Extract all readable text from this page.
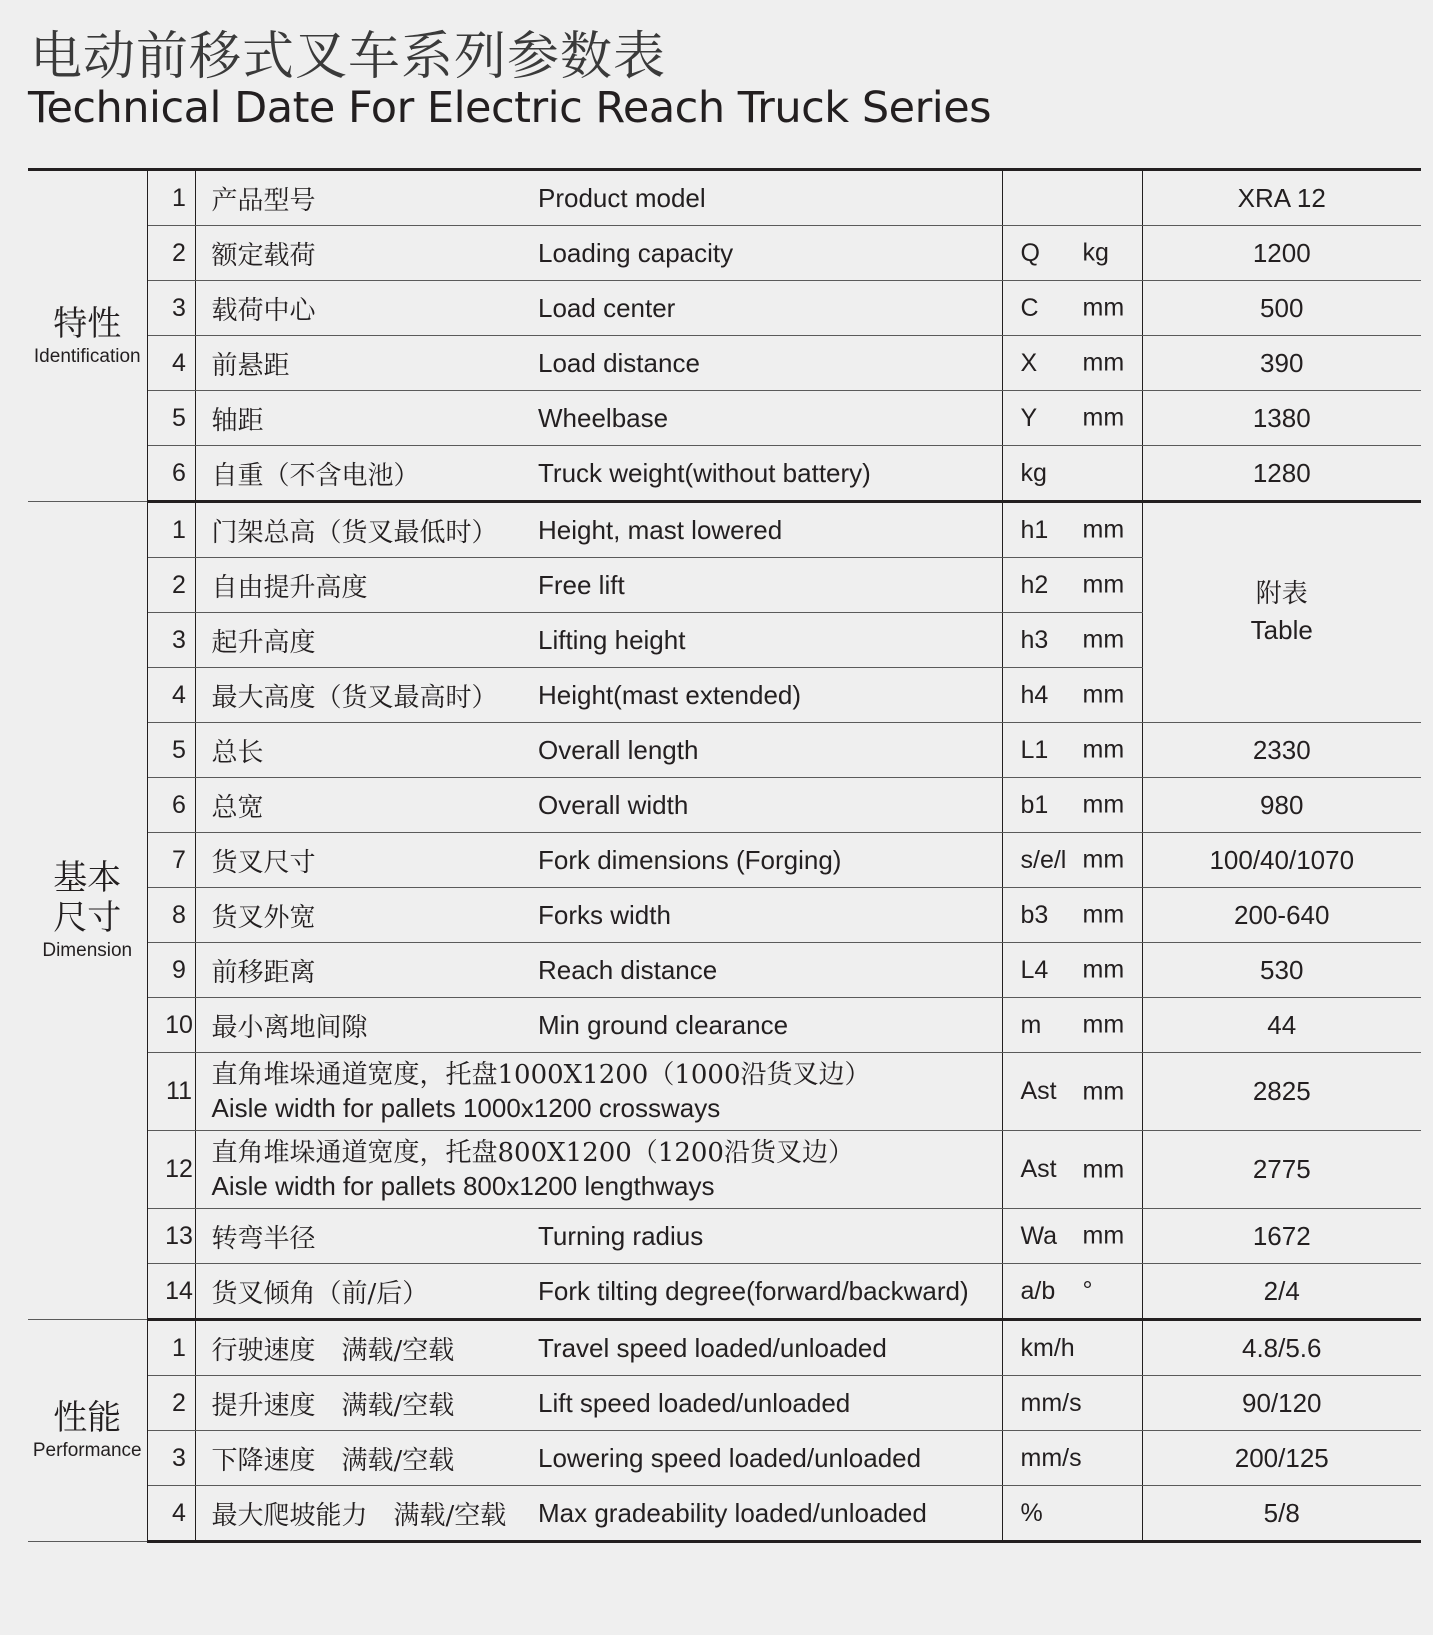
电动前移式叉车系列参数表
Technical Date For Electric Reach Truck Series
特性
Identification	1	产品型号	Product model		XRA 12
	2	额定载荷	Loading capacity	Q kg	1200
	3	载荷中心	Load center	C mm	500
	4	前悬距	Load distance	X mm	390
	5	轴距	Wheelbase	Y mm	1380
	6	自重（不含电池）	Truck weight(without battery)	kg	1280

基本
尺寸
Dimension	1	门架总高（货叉最低时）	Height, mast lowered	h1 mm	附表
Table
	2	自由提升高度	Free lift	h2 mm	

	3	起升高度	Lifting height	h3 mm	

	4	最大高度（货叉最高时）	Height(mast extended)	h4 mm	

	5	总长	Overall length	L1 mm	2330
	6	总宽	Overall width	b1 mm	980
	7	货叉尺寸	Fork dimensions (Forging)	s/e/l mm	100/40/1070
	8	货叉外宽	Forks width	b3 mm	200-640
	9	前移距离	Reach distance	L4 mm	530
	10	最小离地间隙	Min ground clearance	m mm	44
	11	直角堆垛通道宽度，托盘1000X1200（1000沿货叉边）
Aisle width for pallets 1000x1200 crossways		Ast mm	2825
	12	直角堆垛通道宽度，托盘800X1200（1200沿货叉边）
Aisle width for pallets 800x1200 lengthways		Ast mm	2775
	13	转弯半径	Turning radius	Wa mm	1672
	14	货叉倾角（前/后）	Fork tilting degree(forward/backward)	a/b °	2/4

性能
Performance	1	行驶速度　满载/空载	Travel speed loaded/unloaded	km/h	4.8/5.6
	2	提升速度　满载/空载	Lift speed loaded/unloaded	mm/s	90/120
	3	下降速度　满载/空载	Lowering speed loaded/unloaded	mm/s	200/125
	4	最大爬坡能力　满载/空载	Max gradeability loaded/unloaded	%	5/8
